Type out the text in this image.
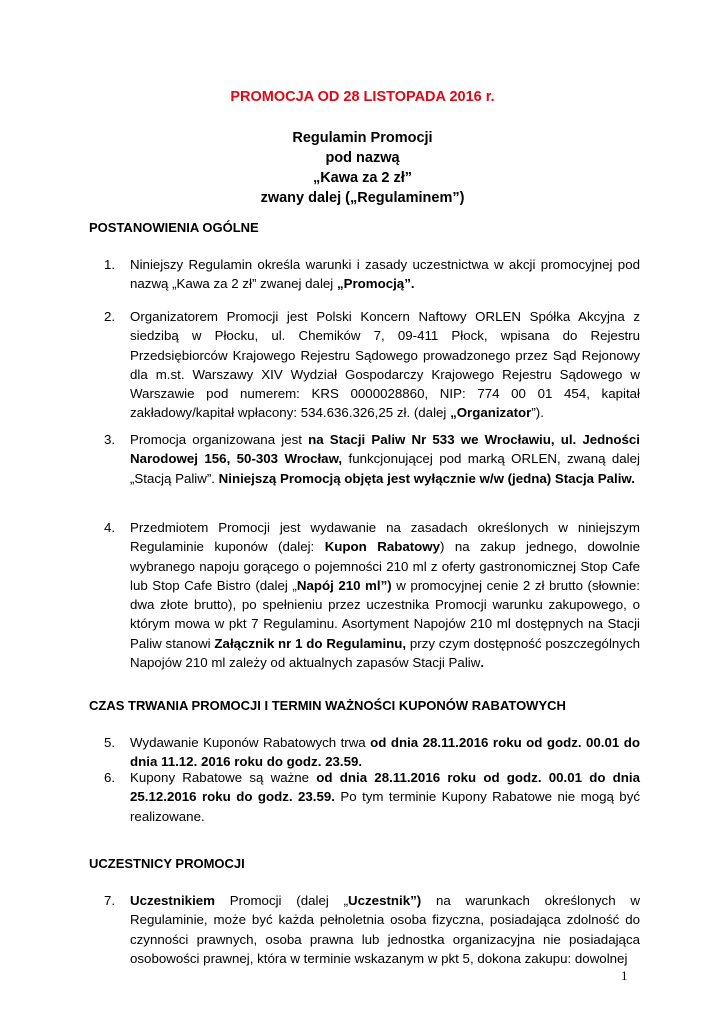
PROMOCJA OD 28 LISTOPADA 2016 r.
Regulamin Promocji
pod nazwą
„Kawa za 2 zł”
zwany dalej („Regulaminem”)
POSTANOWIENIA OGÓLNE
1. Niniejszy Regulamin określa warunki i zasady uczestnictwa w akcji promocyjnej pod nazwą „Kawa za 2 zł” zwanej dalej „Promocją”.
2. Organizatorem Promocji jest Polski Koncern Naftowy ORLEN Spółka Akcyjna z siedzibą w Płocku, ul. Chemików 7, 09-411 Płock, wpisana do Rejestru Przedsiębiorców Krajowego Rejestru Sądowego prowadzonego przez Sąd Rejonowy dla m.st. Warszawy XIV Wydział Gospodarczy Krajowego Rejestru Sądowego w Warszawie pod numerem: KRS 0000028860, NIP: 774 00 01 454, kapitał zakładowy/kapitał wpłacony: 534.636.326,25 zł. (dalej „Organizator”).
3. Promocja organizowana jest na Stacji Paliw Nr 533 we Wrocławiu, ul. Jedności Narodowej 156, 50-303 Wrocław, funkcjonującej pod marką ORLEN, zwaną dalej „Stacją Paliw”. Niniejszą Promocją objęta jest wyłącznie w/w (jedna) Stacja Paliw.
4. Przedmiotem Promocji jest wydawanie na zasadach określonych w niniejszym Regulaminie kuponów (dalej: Kupon Rabatowy) na zakup jednego, dowolnie wybranego napoju gorącego o pojemności 210 ml z oferty gastronomicznej Stop Cafe lub Stop Cafe Bistro (dalej „Napój 210 ml”) w promocyjnej cenie 2 zł brutto (słownie: dwa złote brutto), po spełnieniu przez uczestnika Promocji warunku zakupowego, o którym mowa w pkt 7 Regulaminu. Asortyment Napojów 210 ml dostępnych na Stacji Paliw stanowi Załącznik nr 1 do Regulaminu, przy czym dostępność poszczególnych Napojów 210 ml zależy od aktualnych zapasów Stacji Paliw.
CZAS TRWANIA PROMOCJI I TERMIN WAŻNOŚCI KUPONÓW RABATOWYCH
5. Wydawanie Kuponów Rabatowych trwa od dnia 28.11.2016 roku od godz. 00.01 do dnia 11.12. 2016 roku do godz. 23.59.
6. Kupony Rabatowe są ważne od dnia 28.11.2016 roku od godz. 00.01 do dnia 25.12.2016 roku do godz. 23.59. Po tym terminie Kupony Rabatowe nie mogą być realizowane.
UCZESTNICY PROMOCJI
7. Uczestnikiem Promocji (dalej „Uczestnik”) na warunkach określonych w Regulaminie, może być każda pełnoletnia osoba fizyczna, posiadająca zdolność do czynności prawnych, osoba prawna lub jednostka organizacyjna nie posiadająca osobowości prawnej, która w terminie wskazanym w pkt 5, dokona zakupu: dowolnej
1
